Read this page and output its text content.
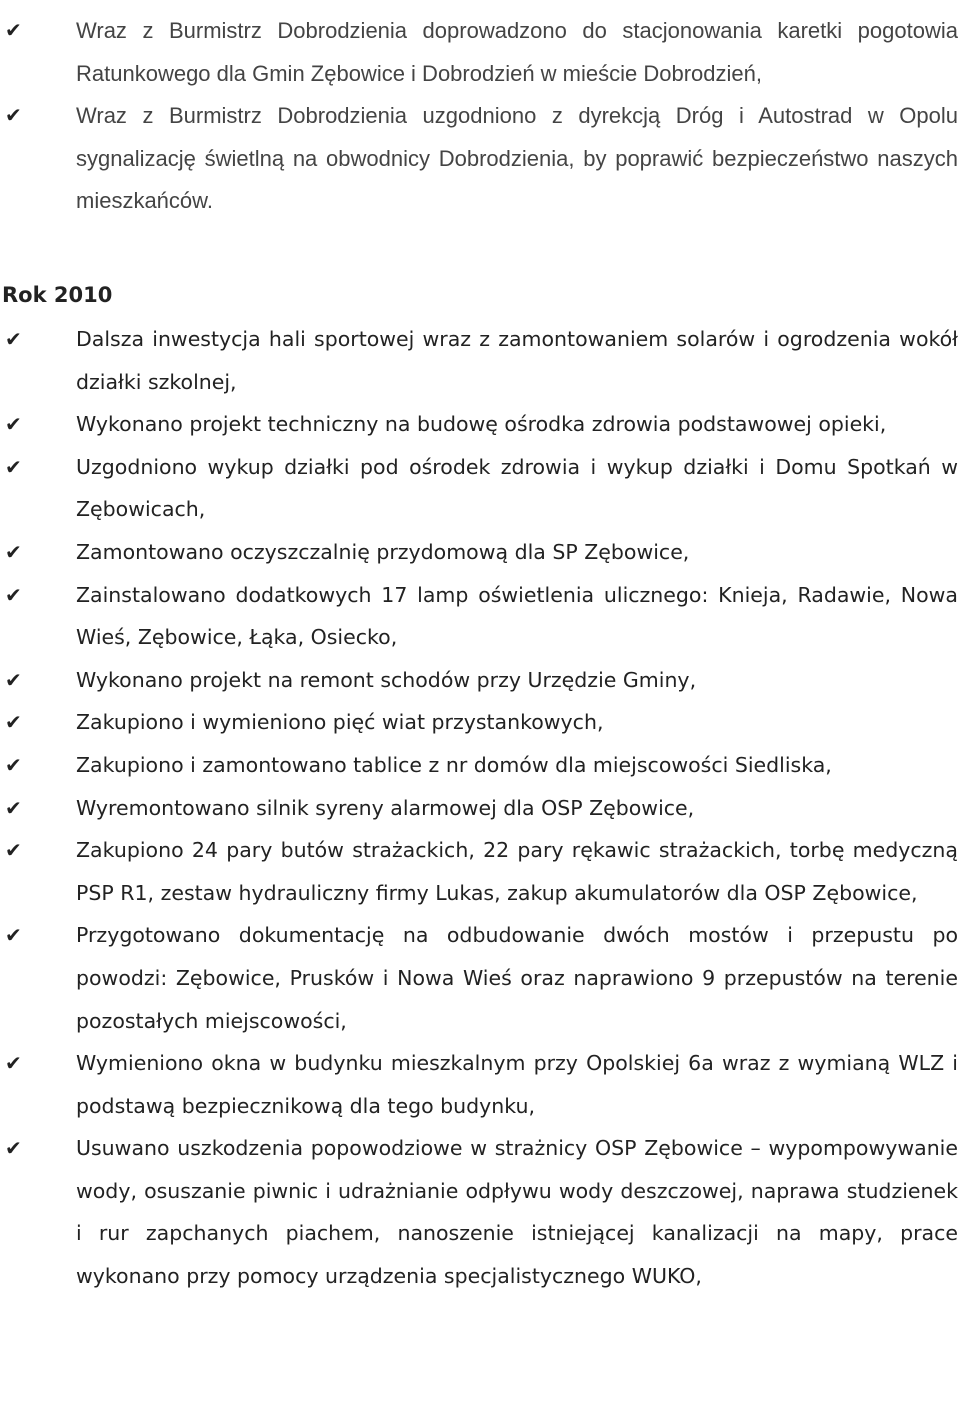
✔ Wraz z Burmistrz Dobrodzienia doprowadzono do stacjonowania karetki pogotowia Ratunkowego dla Gmin Zębowice i Dobrodzień w mieście Dobrodzień,
✔ Wraz z Burmistrz Dobrodzienia uzgodniono z dyrekcją Dróg i Autostrad w Opolu sygnalizację świetlną na obwodnicy Dobrodzienia, by poprawić bezpieczeństwo naszych mieszkańców.
Rok 2010
✔	Dalsza inwestycja hali sportowej wraz z zamontowaniem solarów i ogrodzenia wokół działki szkolnej,
✔	Wykonano projekt techniczny na budowę ośrodka zdrowia podstawowej opieki,
✔	Uzgodniono wykup działki pod ośrodek zdrowia i wykup działki i Domu Spotkań w Zębowicach,
✔	Zamontowano oczyszczalnię przydomową dla SP Zębowice,
✔	Zainstalowano dodatkowych 17 lamp oświetlenia ulicznego: Knieja, Radawie, Nowa Wieś, Zębowice, Łąka, Osiecko,
✔	Wykonano projekt na remont schodów przy Urzędzie Gminy,
✔	Zakupiono i wymieniono pięć wiat przystankowych,
✔	Zakupiono i zamontowano tablice z nr domów dla miejscowości Siedliska,
✔	Wyremontowano silnik syreny alarmowej dla OSP Zębowice,
✔	Zakupiono 24 pary butów strażackich, 22 pary rękawic strażackich, torbę medyczną PSP R1, zestaw hydrauliczny firmy Lukas, zakup akumulatorów dla OSP Zębowice,
✔	Przygotowano dokumentację na odbudowanie dwóch mostów i przepustu po powodzi: Zębowice, Prusków i Nowa Wieś oraz naprawiono 9 przepustów na terenie pozostałych miejscowości,
✔	Wymieniono okna w budynku mieszkalnym przy Opolskiej 6a wraz z wymianą WLZ i podstawą bezpiecznikową dla tego budynku,
✔	Usuwano uszkodzenia popowodziowe w strażnicy OSP Zębowice – wypompowywanie wody, osuszanie piwnic i udrażnianie odpływu wody deszczowej, naprawa studzienek i rur zapchanych piachem, nanoszenie istniejącej kanalizacji na mapy, prace wykonano przy pomocy urządzenia specjalistycznego WUKO,
